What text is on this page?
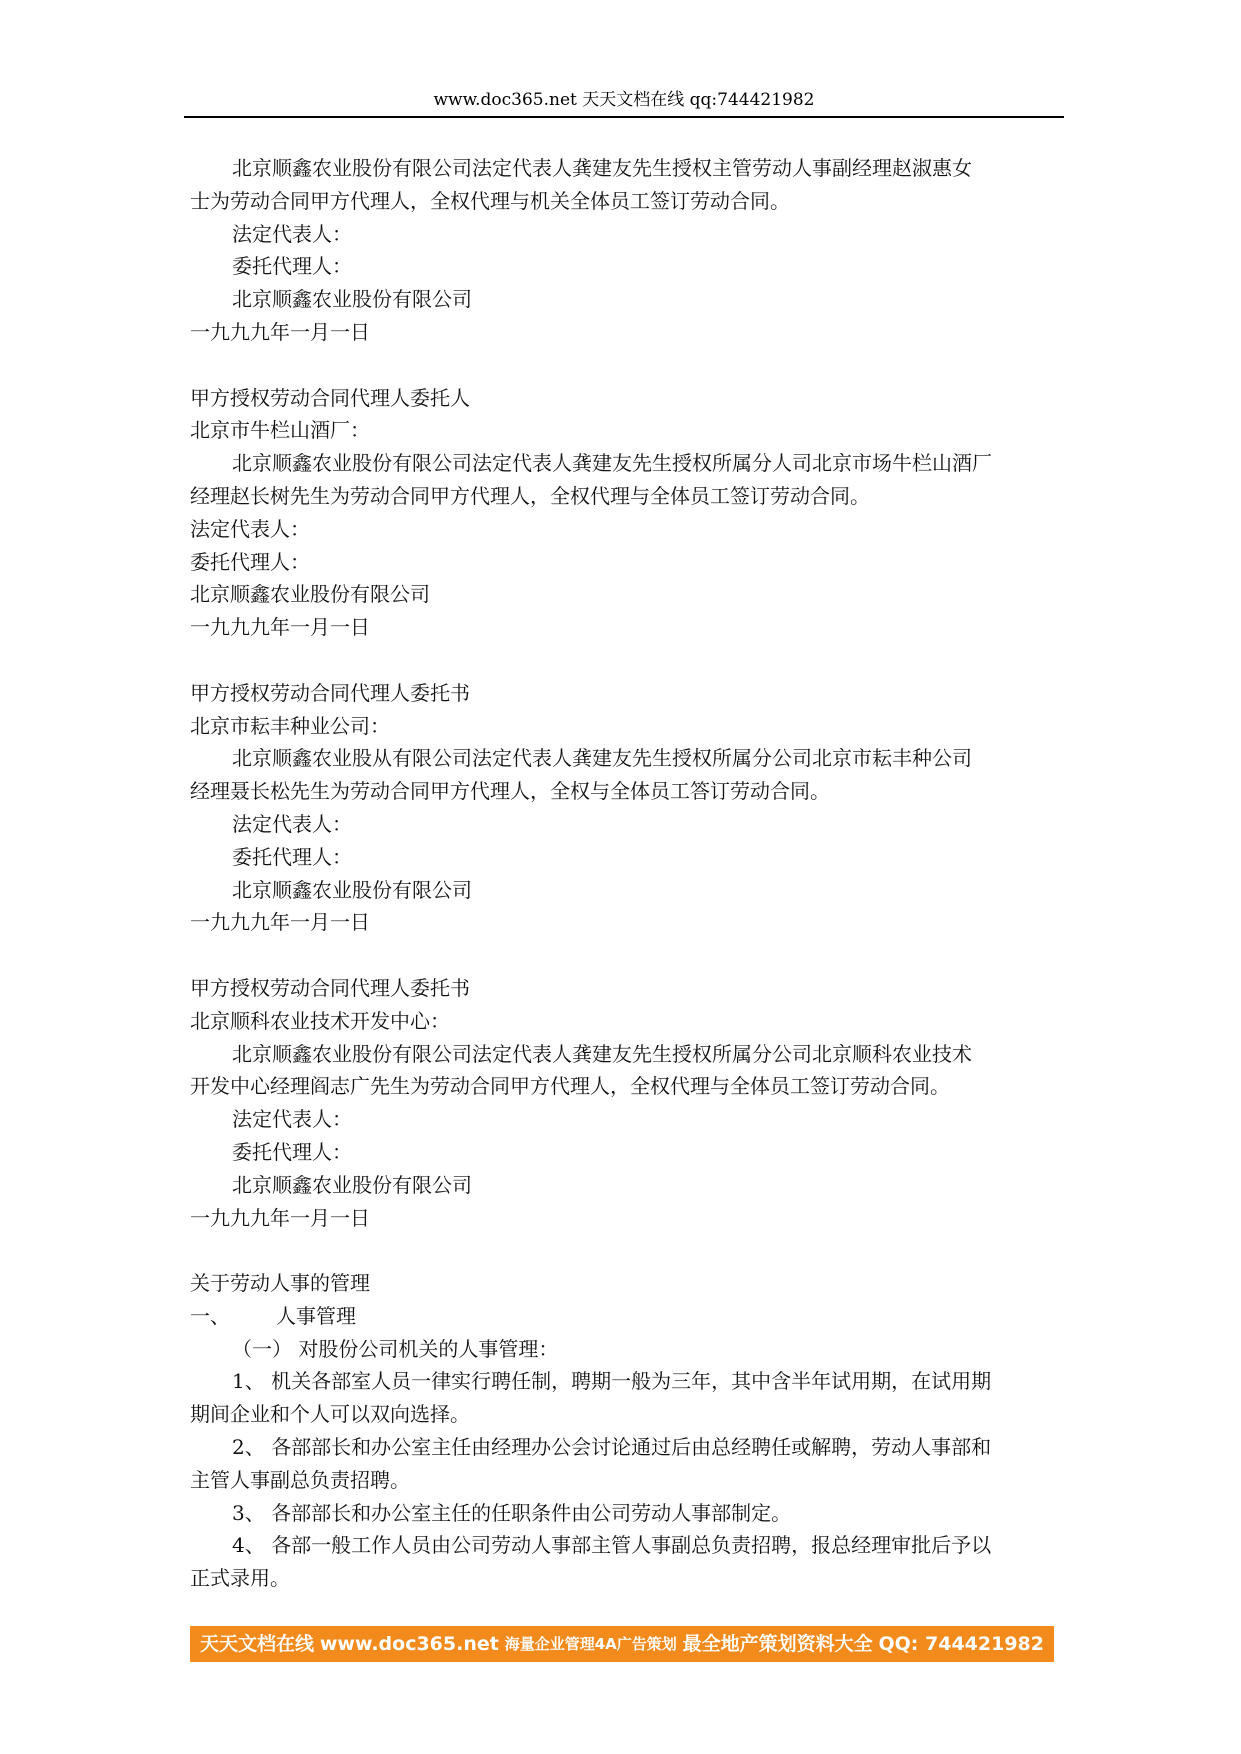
www.doc365.net 天天文档在线 qq:744421982
北京顺鑫农业股份有限公司法定代表人龚建友先生授权主管劳动人事副经理赵淑惠女
士为劳动合同甲方代理人，全权代理与机关全体员工签订劳动合同。
法定代表人：
委托代理人：
北京顺鑫农业股份有限公司
一九九九年一月一日
甲方授权劳动合同代理人委托人
北京市牛栏山酒厂：
北京顺鑫农业股份有限公司法定代表人龚建友先生授权所属分人司北京市场牛栏山酒厂
经理赵长树先生为劳动合同甲方代理人，全权代理与全体员工签订劳动合同。
法定代表人：
委托代理人：
北京顺鑫农业股份有限公司
一九九九年一月一日
甲方授权劳动合同代理人委托书
北京市耘丰种业公司：
北京顺鑫农业股从有限公司法定代表人龚建友先生授权所属分公司北京市耘丰种公司
经理聂长松先生为劳动合同甲方代理人，全权与全体员工答订劳动合同。
法定代表人：
委托代理人：
北京顺鑫农业股份有限公司
一九九九年一月一日
甲方授权劳动合同代理人委托书
北京顺科农业技术开发中心：
北京顺鑫农业股份有限公司法定代表人龚建友先生授权所属分公司北京顺科农业技术
开发中心经理阎志广先生为劳动合同甲方代理人，全权代理与全体员工签订劳动合同。
法定代表人：
委托代理人：
北京顺鑫农业股份有限公司
一九九九年一月一日
关于劳动人事的管理
一、 人事管理
（一） 对股份公司机关的人事管理：
1、 机关各部室人员一律实行聘任制，聘期一般为三年，其中含半年试用期，在试用期
期间企业和个人可以双向选择。
2、 各部部长和办公室主任由经理办公会讨论通过后由总经聘任或解聘，劳动人事部和
主管人事副总负责招聘。
3、 各部部长和办公室主任的任职条件由公司劳动人事部制定。
4、 各部一般工作人员由公司劳动人事部主管人事副总负责招聘，报总经理审批后予以
正式录用。
天天文档在线 www.doc365.net 海量企业管理4A广告策划 最全地产策划资料大全 QQ: 744421982
